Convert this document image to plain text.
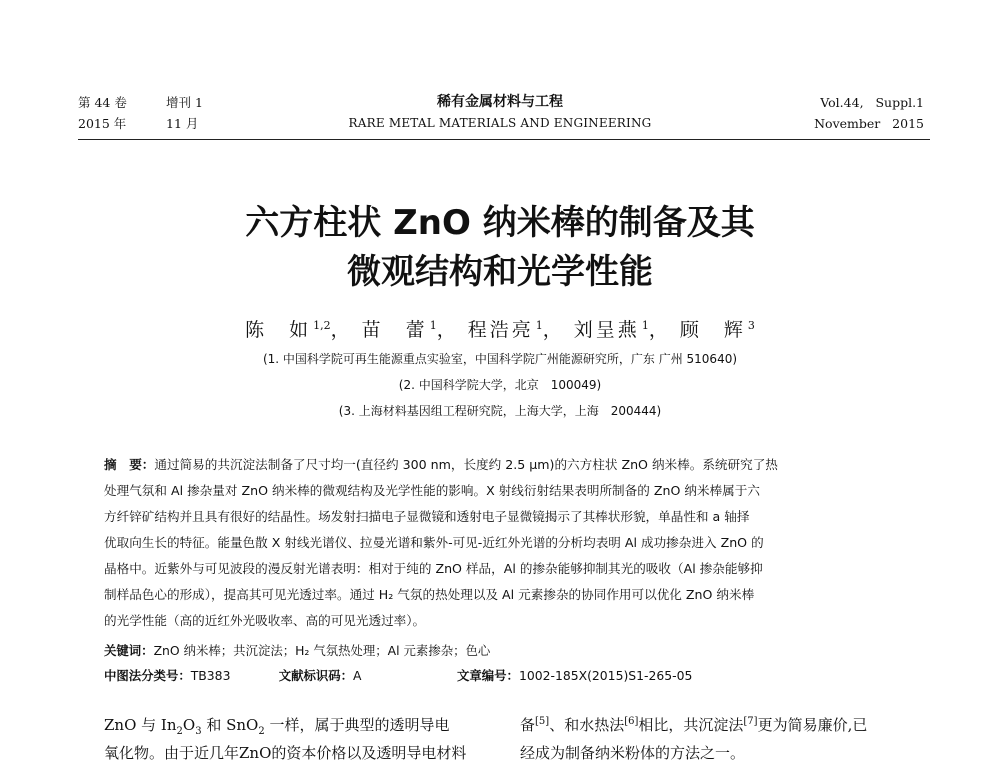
第 44 卷	增刊 1
2015 年	11 月
稀有金属材料与工程
RARE METAL MATERIALS AND ENGINEERING
Vol.44,   Suppl.1
November   2015
六方柱状 ZnO 纳米棒的制备及其
微观结构和光学性能
陈　如 $^{1,2}$， 苗　蕾 $^1$， 程浩亮 $^1$， 刘呈燕 $^1$， 顾　辉 $^3$
(1. 中国科学院可再生能源重点实验室，中国科学院广州能源研究所，广东 广州 510640)
(2. 中国科学院大学，北京　100049)
(3. 上海材料基因组工程研究院，上海大学，上海　200444)

摘　要：通过简易的共沉淀法制备了尺寸均一(直径约 300 nm，长度约 2.5 μm)的六方柱状 ZnO 纳米棒。系统研究了热

处理气氛和 Al 掺杂量对 ZnO 纳米棒的微观结构及光学性能的影响。X 射线衍射结果表明所制备的 ZnO 纳米棒属于六

方纤锌矿结构并且具有很好的结晶性。场发射扫描电子显微镜和透射电子显微镜揭示了其棒状形貌，单晶性和 a 轴择

优取向生长的特征。能量色散 X 射线光谱仪、拉曼光谱和紫外-可见-近红外光谱的分析均表明 Al 成功掺杂进入 ZnO 的

晶格中。近紫外与可见波段的漫反射光谱表明：相对于纯的 ZnO 样品，Al 的掺杂能够抑制其光的吸收（Al 掺杂能够抑

制样品色心的形成），提高其可见光透过率。通过 H₂ 气氛的热处理以及 Al 元素掺杂的协同作用可以优化 ZnO 纳米棒

的光学性能（高的近红外光吸收率、高的可见光透过率）。

关键词：ZnO 纳米棒；共沉淀法；H₂ 气氛热处理；Al 元素掺杂；色心
中图法分类号：TB383	文献标识码：A	文章编号：1002-185X(2015)S1-265-05
ZnO 与 $In_2O_3$ 和 SnO$_2$ 一样，属于典型的透明导电
氧化物。由于近几年ZnO的资本价格以及透明导电材料
备[5]、和水热法[6]相比，共沉淀法[7]更为简易廉价,已
经成为制备纳米粉体的方法之一。
